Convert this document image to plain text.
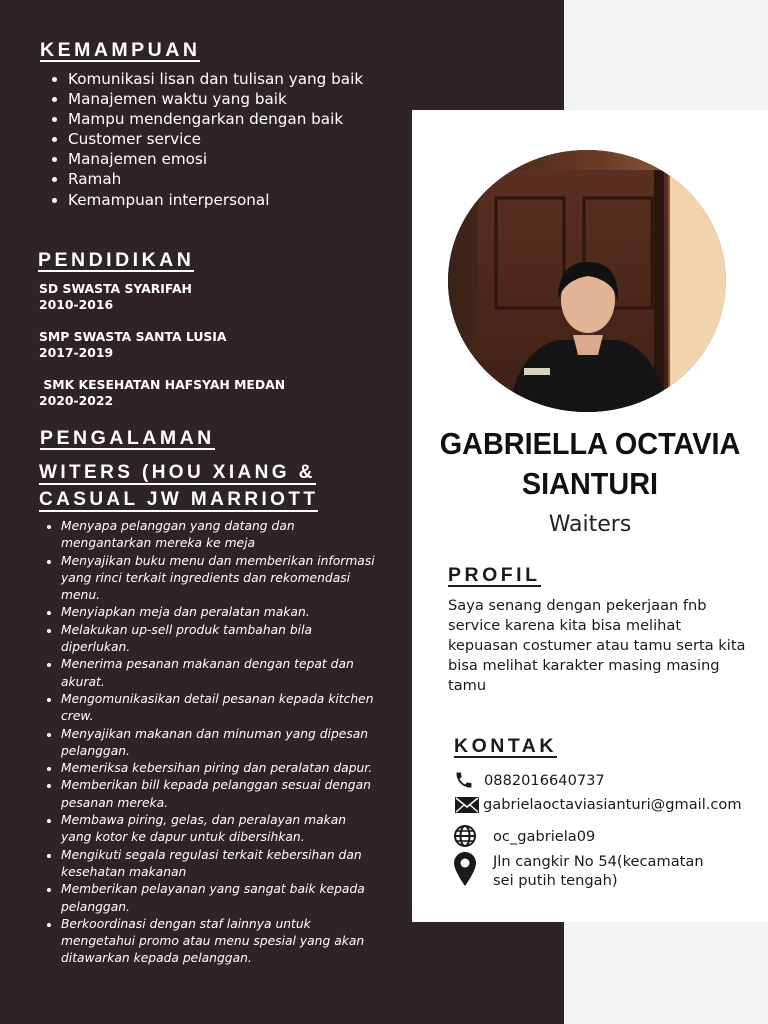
KEMAMPUAN
• Komunikasi lisan dan tulisan yang baik
• Manajemen waktu yang baik
• Mampu mendengarkan dengan baik
• Customer service
• Manajemen emosi
• Ramah
• Kemampuan interpersonal
PENDIDIKAN
SD SWASTA SYARIFAH
2010-2016
SMP SWASTA SANTA LUSIA
2017-2019
SMK KESEHATAN HAFSYAH MEDAN
2020-2022
PENGALAMAN
WITERS (HOU XIANG &
CASUAL JW MARRIOTT
• Menyapa pelanggan yang datang dan mengantarkan mereka ke meja
• Menyajikan buku menu dan memberikan informasi yang rinci terkait ingredients dan rekomendasi menu.
• Menyiapkan meja dan peralatan makan.
• Melakukan up-sell produk tambahan bila diperlukan.
• Menerima pesanan makanan dengan tepat dan akurat.
• Mengomunikasikan detail pesanan kepada kitchen crew.
• Menyajikan makanan dan minuman yang dipesan pelanggan.
• Memeriksa kebersihan piring dan peralatan dapur.
• Memberikan bill kepada pelanggan sesuai dengan pesanan mereka.
• Membawa piring, gelas, dan peralayan makan yang kotor ke dapur untuk dibersihkan.
• Mengikuti segala regulasi terkait kebersihan dan kesehatan makanan
• Memberikan pelayanan yang sangat baik kepada pelanggan.
• Berkoordinasi dengan staf lainnya untuk mengetahui promo atau menu spesial yang akan ditawarkan kepada pelanggan.
GABRIELLA OCTAVIA
SIANTURI
Waiters
PROFIL

Saya senang dengan pekerjaan fnb service karena kita bisa melihat kepuasan costumer atau tamu serta kita bisa melihat karakter masing masing tamu

KONTAK
0882016640737
gabrielaoctaviasianturi@gmail.com
oc_gabriela09
Jln cangkir No 54(kecamatan
sei putih tengah)
